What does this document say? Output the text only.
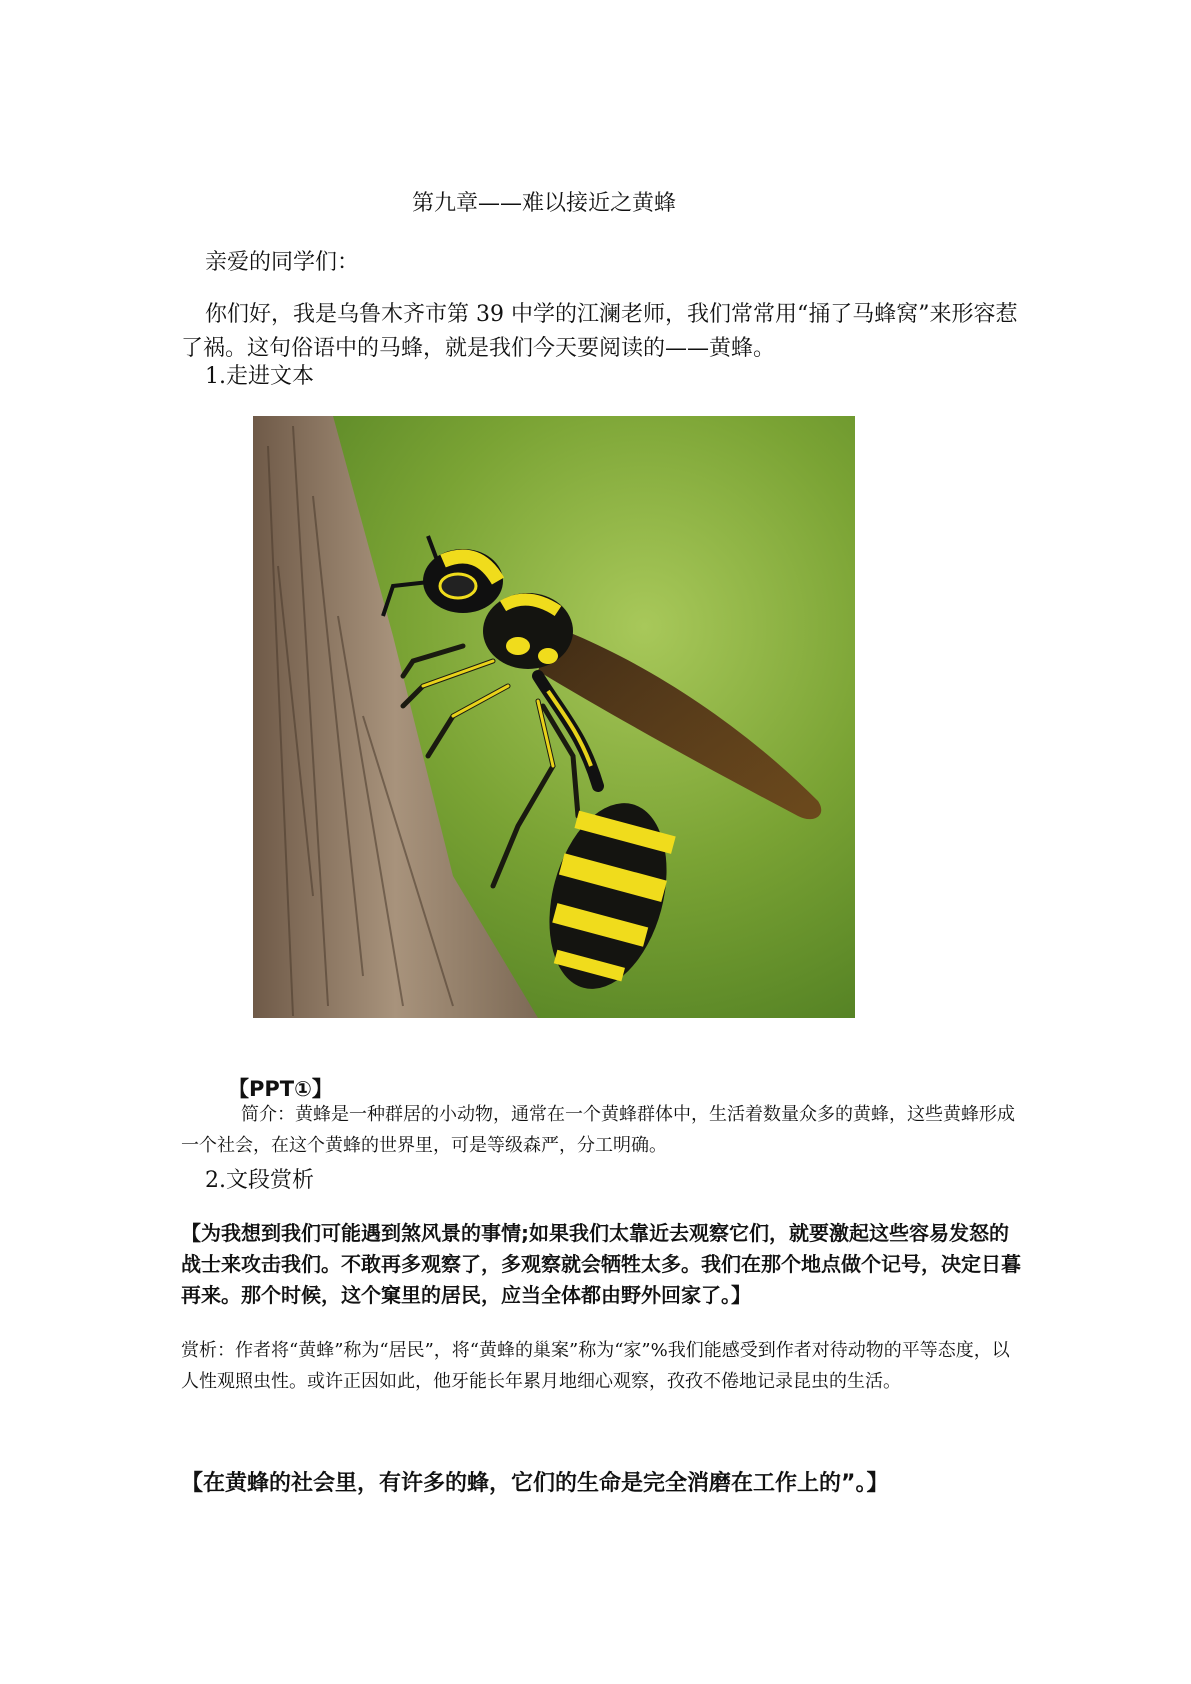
第九章——难以接近之黄蜂
亲爱的同学们：
你们好，我是乌鲁木齐市第 39 中学的江澜老师，我们常常用“捅了马蜂窝”来形容惹了祸。这句俗语中的马蜂，就是我们今天要阅读的——黄蜂。
1.走进文本
【PPT①】
简介：黄蜂是一种群居的小动物，通常在一个黄蜂群体中，生活着数量众多的黄蜂，这些黄蜂形成一个社会，在这个黄蜂的世界里，可是等级森严，分工明确。
2.文段赏析
【为我想到我们可能遇到煞风景的事情;如果我们太靠近去观察它们，就要激起这些容易发怒的战士来攻击我们。不敢再多观察了，多观察就会牺牲太多。我们在那个地点做个记号，决定日暮再来。那个时候，这个窠里的居民，应当全体都由野外回家了。】
赏析：作者将“黄蜂”称为“居民”，将“黄蜂的巢案”称为“家”%我们能感受到作者对待动物的平等态度，以人性观照虫性。或许正因如此，他牙能长年累月地细心观察，孜孜不倦地记录昆虫的生活。
【在黄蜂的社会里，有许多的蜂，它们的生命是完全消磨在工作上的”。】
